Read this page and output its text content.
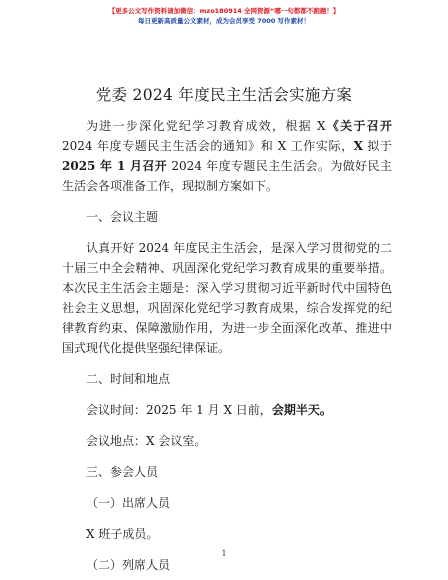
【更多公文写作资料请加微信：mzo180914 全网资源“哪一句都都不跑题！】
每日更新高质量公文素材，成为会员享受 7000 写作素材！
党委 2024 年度民主生活会实施方案

为进一步深化党纪学习教育成效，根据 X《关于召开2024 年度专题民主生活会的通知》和 X 工作实际，X 拟于2025 年 1 月召开 2024 年度专题民主生活会。为做好民主生活会各项准备工作，现拟制方案如下。

一、会议主题

认真开好 2024 年度民主生活会，是深入学习贯彻党的二十届三中全会精神、巩固深化党纪学习教育成果的重要举措。本次民主生活会主题是：深入学习贯彻习近平新时代中国特色社会主义思想，巩固深化党纪学习教育成果，综合发挥党的纪律教育约束、保障激励作用，为进一步全面深化改革、推进中国式现代化提供坚强纪律保证。

二、时间和地点

会议时间：2025 年 1 月 X 日前，会期半天。

会议地点：X 会议室。

三、参会人员

（一）出席人员

X 班子成员。

（二）列席人员

1
